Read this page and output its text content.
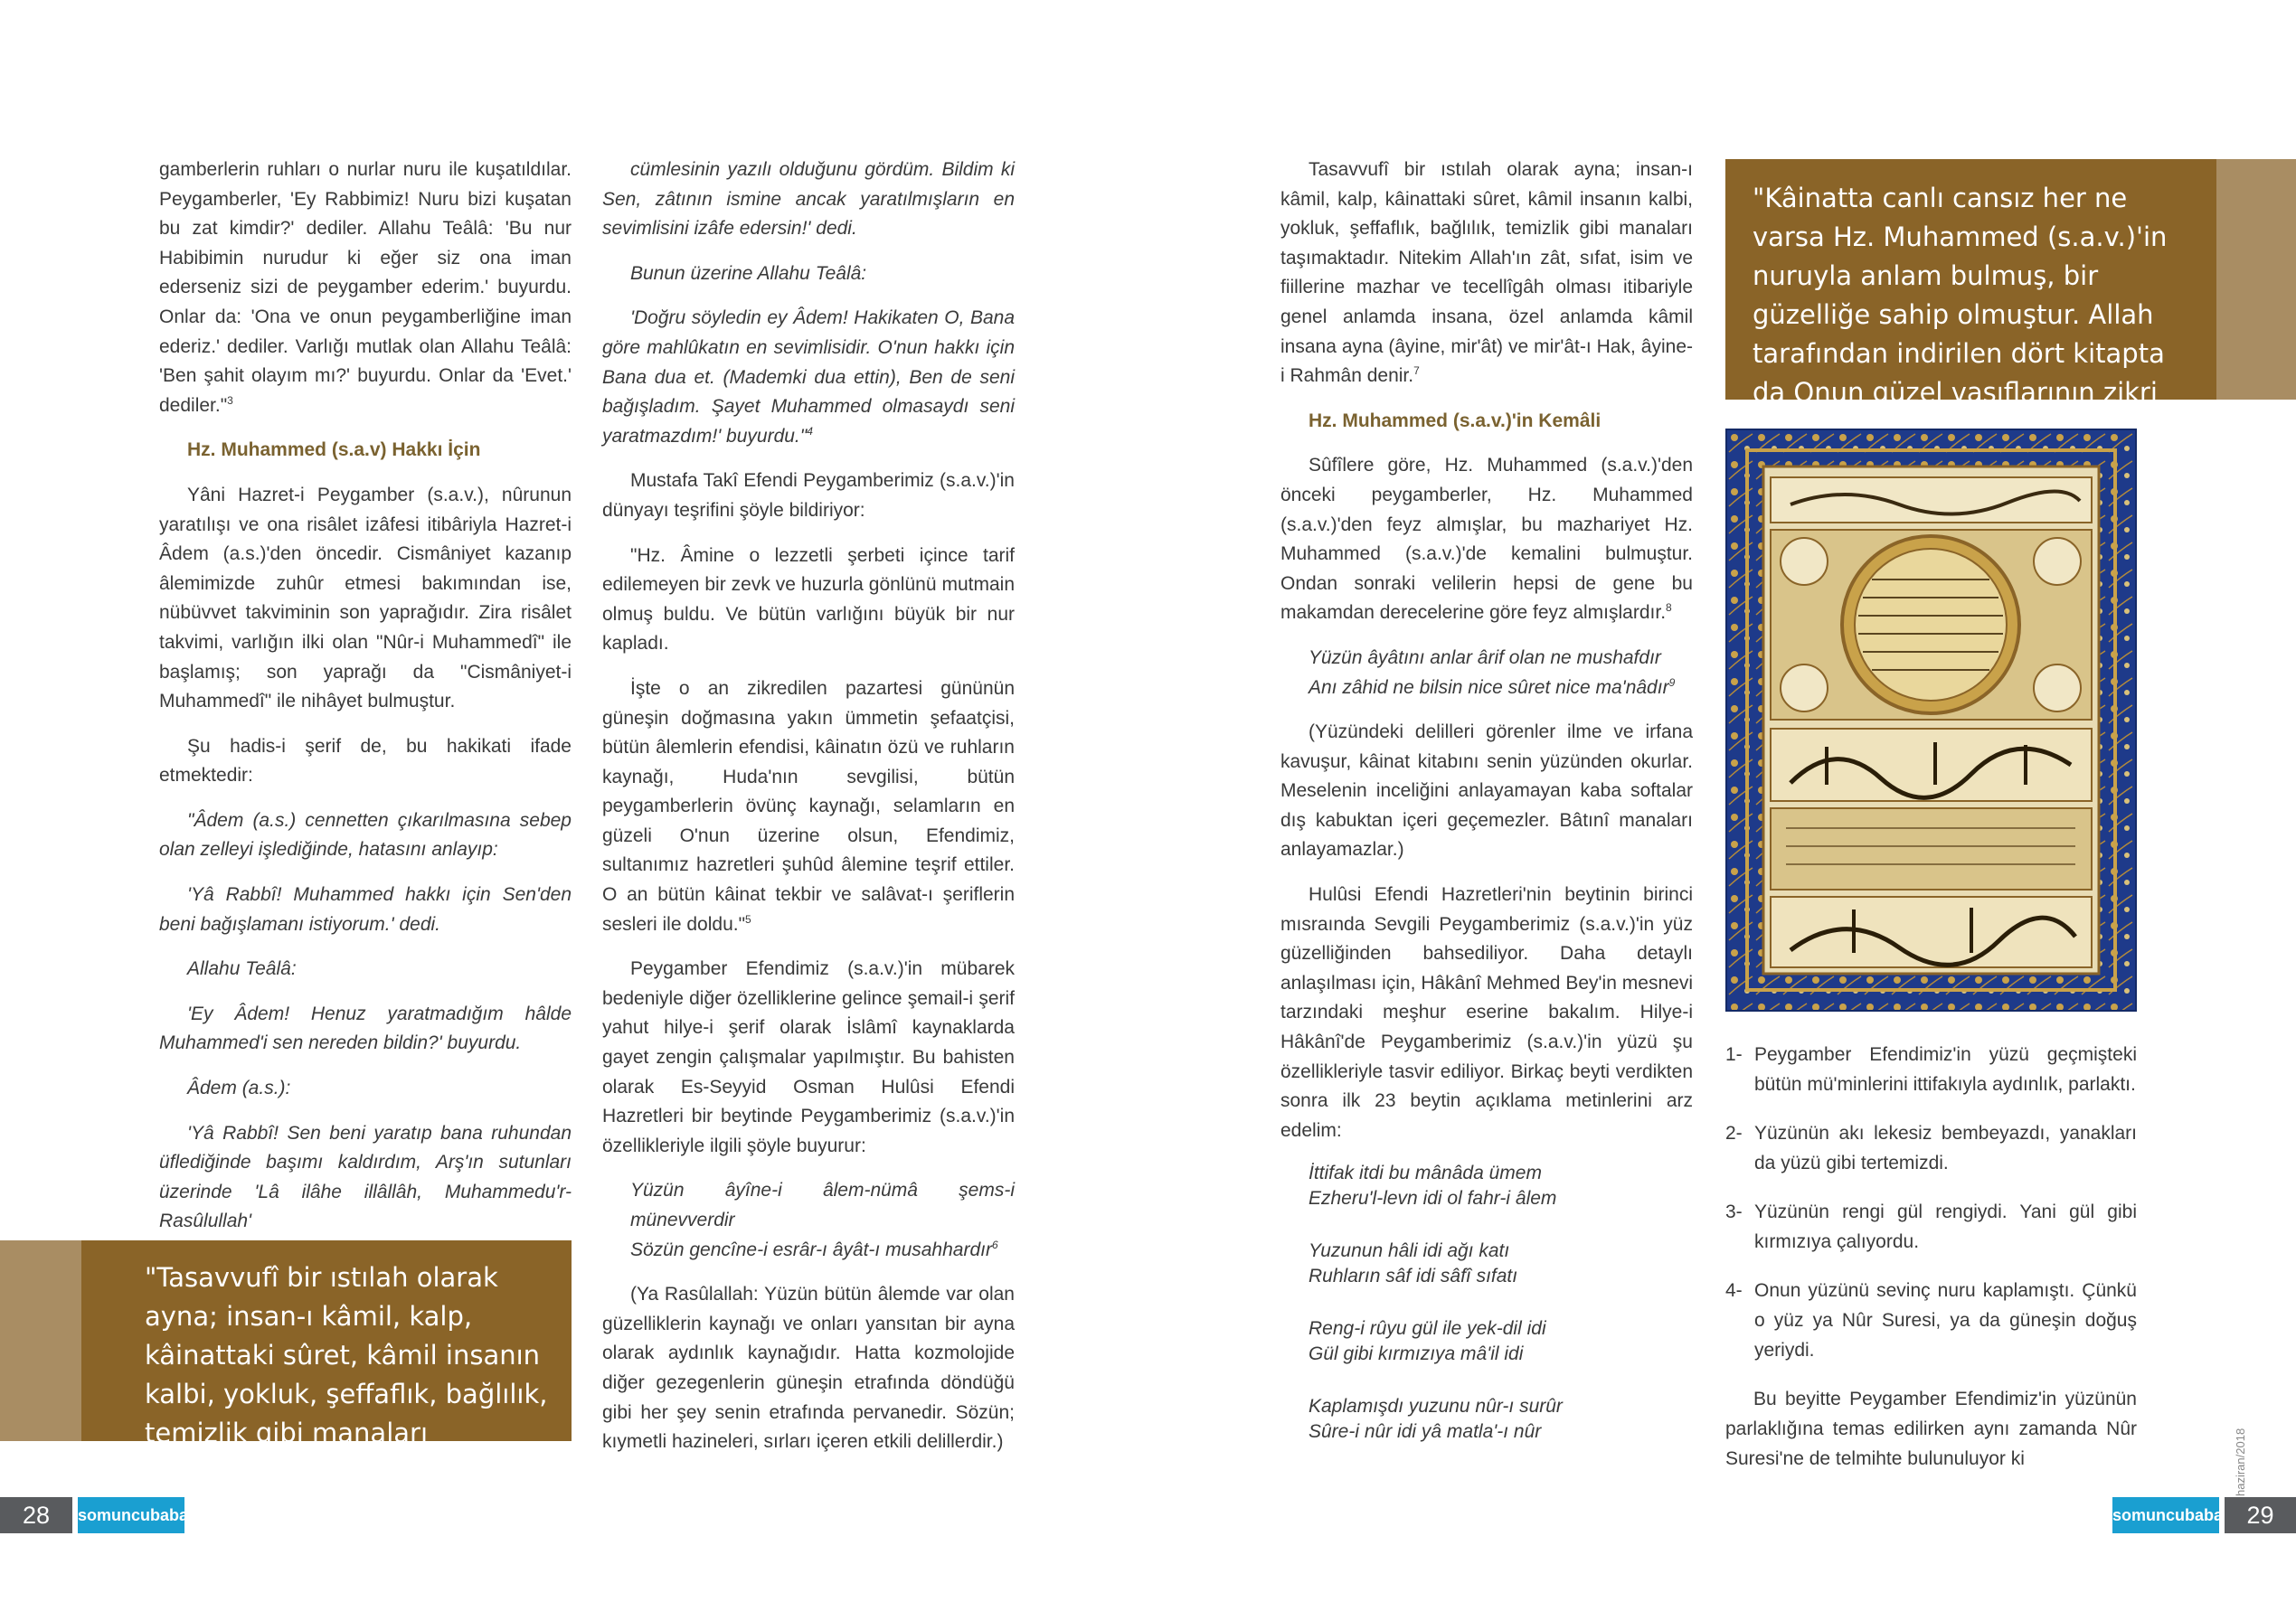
gamberlerin ruhları o nurlar nuru ile kuşatıldılar. Peygamberler, 'Ey Rabbimiz! Nuru bizi kuşatan bu zat kimdir?' dediler. Allahu Teâlâ: 'Bu nur Habibimin nurudur ki eğer siz ona iman ederseniz sizi de peygamber ederim.' buyurdu. Onlar da: 'Ona ve onun peygamberliğine iman ederiz.' dediler. Varlığı mutlak olan Allahu Teâlâ: 'Ben şahit olayım mı?' buyurdu. Onlar da 'Evet.' dediler."$^3$

Hz. Muhammed (s.a.v) Hakkı İçin

Yâni Hazret-i Peygamber (s.a.v.), nûrunun yaratılışı ve ona risâlet izâfesi itibâriyla Hazret-i Âdem (a.s.)'den öncedir. Cismâniyet kazanıp âlemimizde zuhûr etmesi bakımından ise, nübüvvet takviminin son yaprağıdır. Zira risâlet takvimi, varlığın ilki olan "Nûr-i Muhammedî" ile başlamış; son yaprağı da "Cismâniyet-i Muhammedî" ile nihâyet bulmuştur.

Şu hadis-i şerif de, bu hakikati ifade etmektedir:

"Âdem (a.s.) cennetten çıkarılmasına sebep olan zelleyi işlediğinde, hatasını anlayıp:

'Yâ Rabbî! Muhammed hakkı için Sen'den beni bağışlamanı istiyorum.' dedi.

Allahu Teâlâ:

'Ey Âdem! Henuz yaratmadığım hâlde Muhammed'i sen nereden bildin?' buyurdu.

Âdem (a.s.):

'Yâ Rabbî! Sen beni yaratıp bana ruhundan üflediğinde başımı kaldırdım, Arş'ın sutunları üzerinde 'Lâ ilâhe illâllâh, Muhammedu'r-Rasûlullah'

cümlesinin yazılı olduğunu gördüm. Bildim ki Sen, zâtının ismine ancak yaratılmışların en sevimlisini izâfe edersin!' dedi.

Bunun üzerine Allahu Teâlâ:

'Doğru söyledin ey Âdem! Hakikaten O, Bana göre mahlûkatın en sevimlisidir. O'nun hakkı için Bana dua et. (Mademki dua ettin), Ben de seni bağışladım. Şayet Muhammed olmasaydı seni yaratmazdım!' buyurdu."$^4$

Mustafa Takî Efendi Peygamberimiz (s.a.v.)'in dünyayı teşrifini şöyle bildiriyor:

"Hz. Âmine o lezzetli şerbeti içince tarif edilemeyen bir zevk ve huzurla gönlünü mutmain olmuş buldu. Ve bütün varlığını büyük bir nur kapladı.

İşte o an zikredilen pazartesi gününün güneşin doğmasına yakın ümmetin şefaatçisi, bütün âlemlerin efendisi, kâinatın özü ve ruhların kaynağı, Huda'nın sevgilisi, bütün peygamberlerin övünç kaynağı, selamların en güzeli O'nun üzerine olsun, Efendimiz, sultanımız hazretleri şuhûd âlemine teşrif ettiler. O an bütün kâinat tekbir ve salâvat-ı şeriflerin sesleri ile doldu."$^5$

Peygamber Efendimiz (s.a.v.)'in mübarek bedeniyle diğer özelliklerine gelince şemail-i şerif yahut hilye-i şerif olarak İslâmî kaynaklarda gayet zengin çalışmalar yapılmıştır. Bu bahisten olarak Es-Seyyid Osman Hulûsi Efendi Hazretleri bir beytinde Peygamberimiz (s.a.v.)'in özellikleriyle ilgili şöyle buyurur:

Yüzün âyîne-i âlem-nümâ şems-i münevverdir
Sözün gencîne-i esrâr-ı âyât-ı musahhardır$^6$

(Ya Rasûlallah: Yüzün bütün âlemde var olan güzelliklerin kaynağı ve onları yansıtan bir ayna olarak aydınlık kaynağıdır. Hatta kozmolojide diğer gezegenlerin güneşin etrafında döndüğü gibi her şey senin etrafında pervanedir. Sözün; kıymetli hazineleri, sırları içeren etkili delillerdir.)

"Tasavvufî bir ıstılah olarak ayna; insan-ı kâmil, kalp, kâinattaki sûret, kâmil insanın kalbi, yokluk, şeffaflık, bağlılık, temizlik gibi manaları taşımaktadır."
28	somuncubaba

Tasavvufî bir ıstılah olarak ayna; insan-ı kâmil, kalp, kâinattaki sûret, kâmil insanın kalbi, yokluk, şeffaflık, bağlılık, temizlik gibi manaları taşımaktadır. Nitekim Allah'ın zât, sıfat, isim ve fiillerine mazhar ve tecellîgâh olması itibariyle genel anlamda insana, özel anlamda kâmil insana ayna (âyine, mir'ât) ve mir'ât-ı Hak, âyine-i Rahmân denir.$^7$

Hz. Muhammed (s.a.v.)'in Kemâli

Sûfîlere göre, Hz. Muhammed (s.a.v.)'den önceki peygamberler, Hz. Muhammed (s.a.v.)'den feyz almışlar, bu mazhariyet Hz. Muhammed (s.a.v.)'de kemalini bulmuştur. Ondan sonraki velilerin hepsi de gene bu makamdan derecelerine göre feyz almışlardır.$^8$

Yüzün âyâtını anlar ârif olan ne mushafdır
Anı zâhid ne bilsin nice sûret nice ma'nâdır$^9$

(Yüzündeki delilleri görenler ilme ve irfana kavuşur, kâinat kitabını senin yüzünden okurlar. Meselenin inceliğini anlayamayan kaba softalar dış kabuktan içeri geçemezler. Bâtınî manaları anlayamazlar.)

Hulûsi Efendi Hazretleri'nin beytinin birinci mısraında Sevgili Peygamberimiz (s.a.v.)'in yüz güzelliğinden bahsediliyor. Daha detaylı anlaşılması için, Hâkânî Mehmed Bey'in mesnevi tarzındaki meşhur eserine bakalım. Hilye-i Hâkânî'de Peygamberimiz (s.a.v.)'in yüzü şu özellikleriyle tasvir ediliyor. Birkaç beyti verdikten sonra ilk 23 beytin açıklama metinlerini arz edelim:

İttifak itdi bu mânâda ümem
Ezheru'l-levn idi ol fahr-i âlem
Yuzunun hâli idi ağı katı
Ruhların sâf idi sâfî sıfatı
Reng-i rûyu gül ile yek-dil idi
Gül gibi kırmızıya mâ'il idi
Kaplamışdı yuzunu nûr-ı surûr
Sûre-i nûr idi yâ matla'-ı nûr
"Kâinatta canlı cansız her ne varsa Hz. Muhammed (s.a.v.)'in nuruyla anlam bulmuş, bir güzelliğe sahip olmuştur. Allah tarafından indirilen dört kitapta da Onun güzel vasıflarının zikri
1- Peygamber Efendimiz'in yüzü geçmişteki bütün mü'minlerini ittifakıyla aydınlık, parlaktı.
2- Yüzünün akı lekesiz bembeyazdı, yanakları da yüzü gibi tertemizdi.
3- Yüzünün rengi gül rengiydi. Yani gül gibi kırmızıya çalıyordu.
4- Onun yüzünü sevinç nuru kaplamıştı. Çünkü o yüz ya Nûr Suresi, ya da güneşin doğuş yeriydi.

Bu beyitte Peygamber Efendimiz'in yüzünün parlaklığına temas edilirken aynı zamanda Nûr Suresi'ne de telmihte bulunuluyor ki	haziran/2018
somuncubaba 29
